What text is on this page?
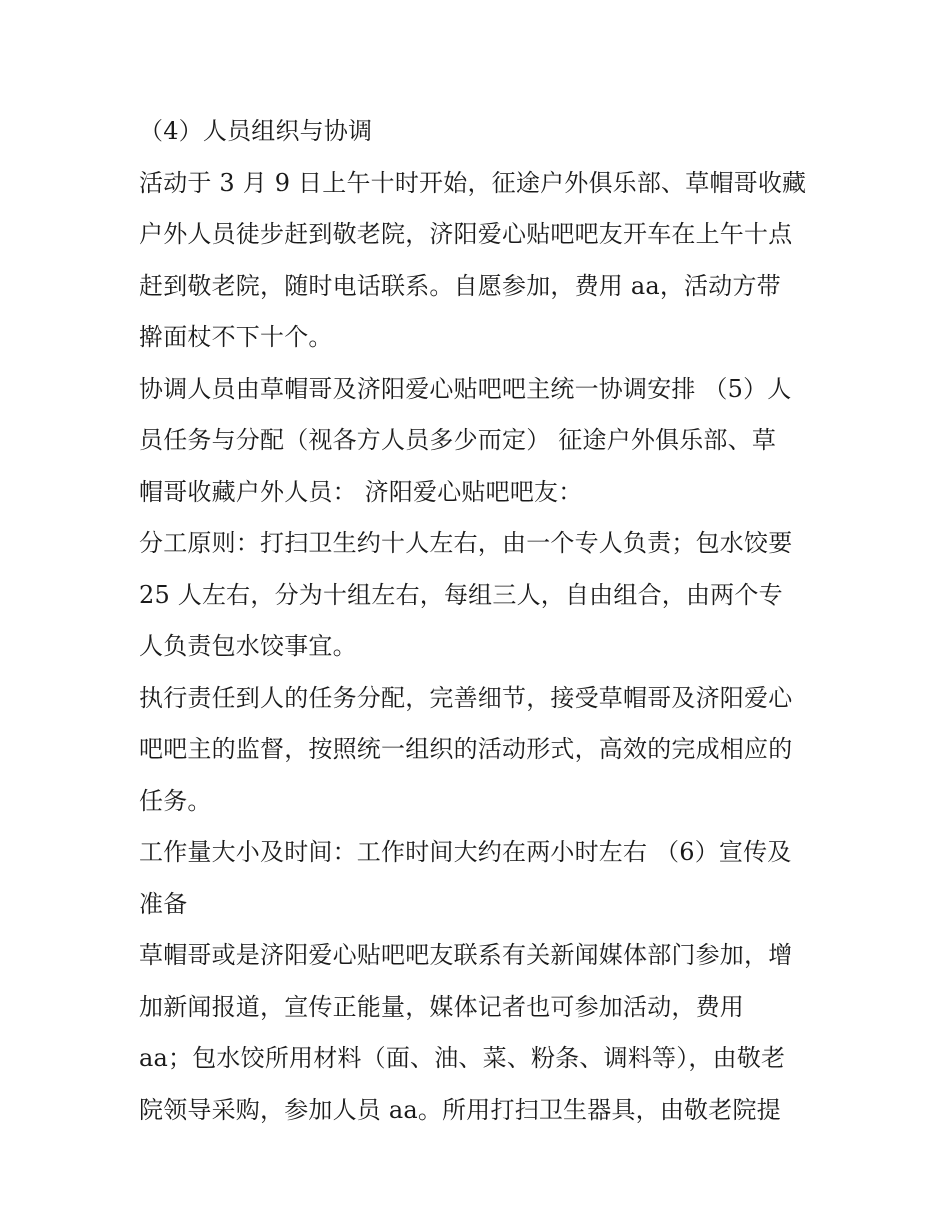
（4）人员组织与协调
活动于 3 月 9 日上午十时开始，征途户外俱乐部、草帽哥收藏
户外人员徒步赶到敬老院，济阳爱心贴吧吧友开车在上午十点
赶到敬老院，随时电话联系。自愿参加，费用 aa，活动方带
擀面杖不下十个。
协调人员由草帽哥及济阳爱心贴吧吧主统一协调安排 （5）人
员任务与分配（视各方人员多少而定） 征途户外俱乐部、草
帽哥收藏户外人员： 济阳爱心贴吧吧友：
分工原则：打扫卫生约十人左右，由一个专人负责；包水饺要
25 人左右，分为十组左右，每组三人，自由组合，由两个专
人负责包水饺事宜。
执行责任到人的任务分配，完善细节，接受草帽哥及济阳爱心
吧吧主的监督，按照统一组织的活动形式，高效的完成相应的
任务。
工作量大小及时间：工作时间大约在两小时左右 （6）宣传及
准备
草帽哥或是济阳爱心贴吧吧友联系有关新闻媒体部门参加，增
加新闻报道，宣传正能量，媒体记者也可参加活动，费用
aa；包水饺所用材料（面、油、菜、粉条、调料等），由敬老
院领导采购，参加人员 aa。所用打扫卫生器具，由敬老院提
